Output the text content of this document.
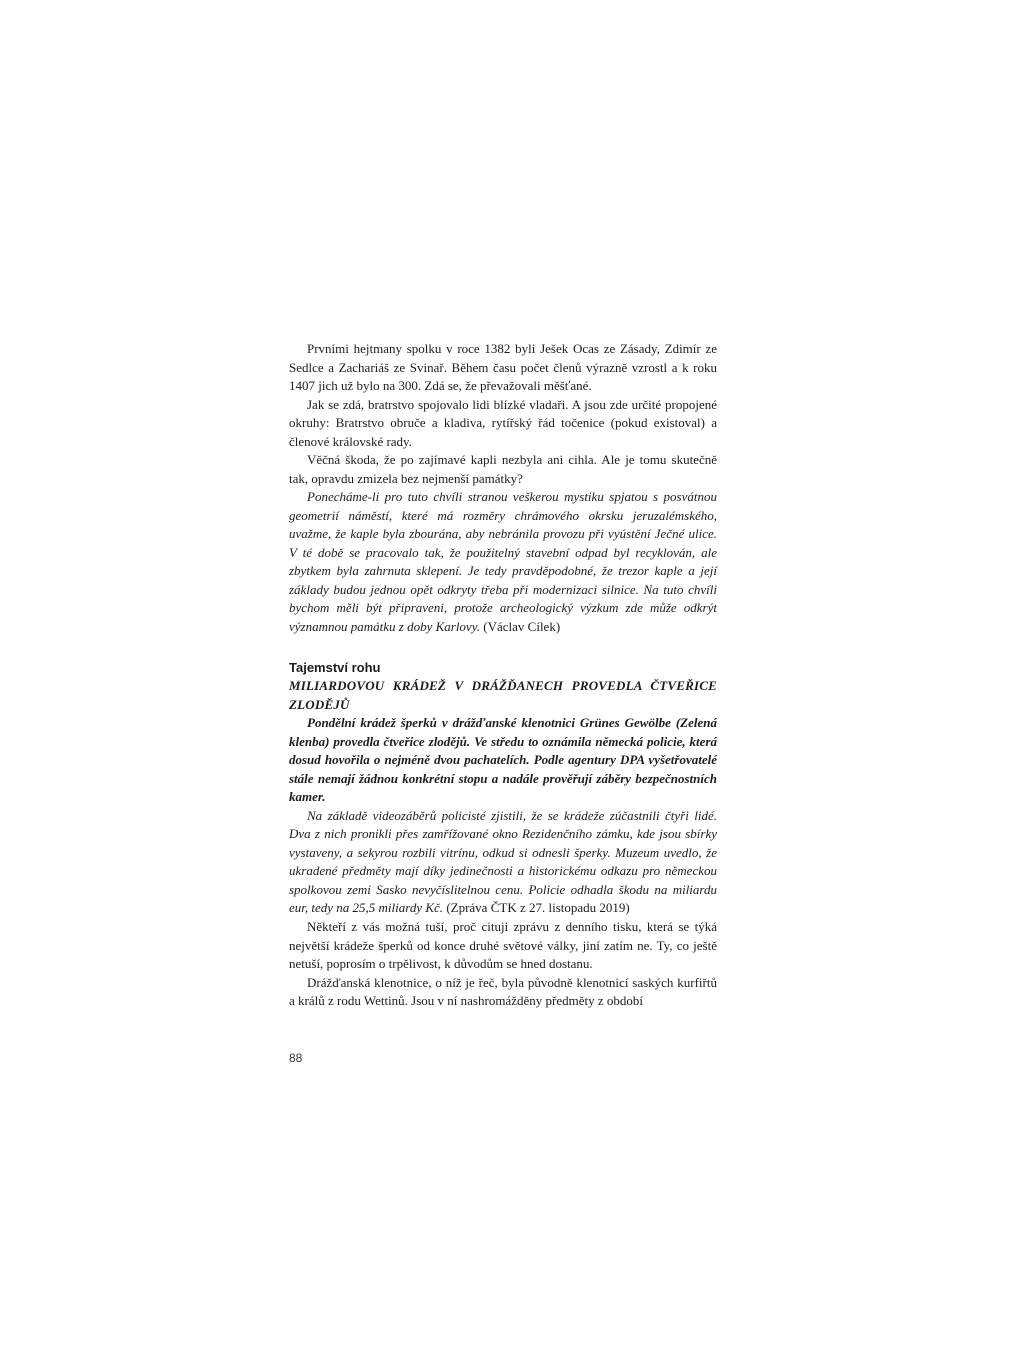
Prvními hejtmany spolku v roce 1382 byli Ješek Ocas ze Zásady, Zdimír ze Sedlce a Zachariáš ze Svinař. Během času počet členů výrazně vzrostl a k roku 1407 jich už bylo na 300. Zdá se, že převažovali měšťané.

Jak se zdá, bratrstvo spojovalo lidi blízké vladaři. A jsou zde určité propojené okruhy: Bratrstvo obruče a kladiva, rytířský řád točenice (pokud existoval) a členové královské rady.

Věčná škoda, že po zajímavé kapli nezbyla ani cihla. Ale je tomu skutečně tak, opravdu zmizela bez nejmenší památky?

Ponecháme-li pro tuto chvíli stranou veškerou mystiku spjatou s posvátnou geometrií náměstí, které má rozměry chrámového okrsku jeruzalémského, uvažme, že kaple byla zbourána, aby nebránila provozu při vyústění Ječné ulice. V té době se pracovalo tak, že použitelný stavební odpad byl recyklován, ale zbytkem byla zahrnuta sklepení. Je tedy pravděpodobné, že trezor kaple a její základy budou jednou opět odkryty třeba při modernizaci silnice. Na tuto chvíli bychom měli být připraveni, protože archeologický výzkum zde může odkrýt významnou památku z doby Karlovy. (Václav Cílek)

Tajemství rohu
MILIARDOVOU KRÁDEŽ V DRÁŽĎANECH PROVEDLA ČTVEŘICE ZLODĚJŮ

Pondělní krádež šperků v drážďanské klenotnici Grünes Gewölbe (Zelená klenba) provedla čtveřice zlodějů. Ve středu to oznámila německá policie, která dosud hovořila o nejméně dvou pachatelích. Podle agentury DPA vyšetřovatelé stále nemají žádnou konkrétní stopu a nadále prověřují záběry bezpečnostních kamer.

Na základě videozáběrů policisté zjistili, že se krádeže zúčastnili čtyři lidé. Dva z nich pronikli přes zamřížované okno Rezidenčního zámku, kde jsou sbírky vystaveny, a sekyrou rozbili vitrínu, odkud si odnesli šperky. Muzeum uvedlo, že ukradené předměty mají díky jedinečnosti a historickému odkazu pro německou spolkovou zemi Sasko nevyčíslitelnou cenu. Policie odhadla škodu na miliardu eur, tedy na 25,5 miliardy Kč. (Zpráva ČTK z 27. listopadu 2019)

Někteří z vás možná tuší, proč cituji zprávu z denního tisku, která se týká největší krádeže šperků od konce druhé světové války, jiní zatím ne. Ty, co ještě netuší, poprosím o trpělivost, k důvodům se hned dostanu.

Drážďanská klenotnice, o níž je řeč, byla původně klenotnicí saských kurfiřtů a králů z rodu Wettinů. Jsou v ní nashromážděny předměty z období

88
